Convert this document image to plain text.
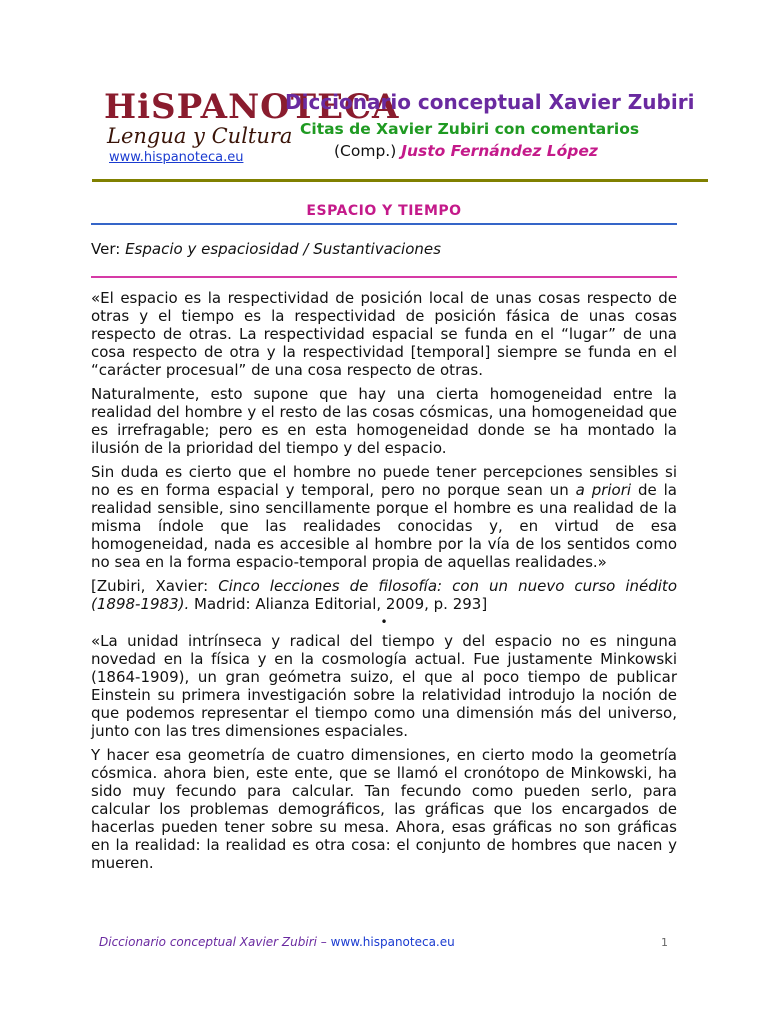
HiSPANOTECA
Lengua y Cultura
www.hispanoteca.eu
Diccionario conceptual Xavier Zubiri
Citas de Xavier Zubiri con comentarios
(Comp.) Justo Fernández López
ESPACIO Y TIEMPO
Ver: Espacio y espaciosidad / Sustantivaciones

«El espacio es la respectividad de posición local de unas cosas respecto de otras y el tiempo es la respectividad de posición fásica de unas cosas respecto de otras. La respectividad espacial se funda en el “lugar” de una cosa respecto de otra y la respectividad [temporal] siempre se funda en el “carácter procesual” de una cosa respecto de otras.

Naturalmente, esto supone que hay una cierta homogeneidad entre la realidad del hombre y el resto de las cosas cósmicas, una homogeneidad que es irrefragable; pero es en esta homogeneidad donde se ha montado la ilusión de la prioridad del tiempo y del espacio.

Sin duda es cierto que el hombre no puede tener percepciones sensibles si no es en forma espacial y temporal, pero no porque sean un a priori de la realidad sensible, sino sencillamente porque el hombre es una realidad de la misma índole que las realidades conocidas y, en virtud de esa homogeneidad, nada es accesible al hombre por la vía de los sentidos como no sea en la forma espacio-temporal propia de aquellas realidades.»

[Zubiri, Xavier: Cinco lecciones de filosofía: con un nuevo curso inédito (1898-1983). Madrid: Alianza Editorial, 2009, p. 293]

•

«La unidad intrínseca y radical del tiempo y del espacio no es ninguna novedad en la física y en la cosmología actual. Fue justamente Minkowski (1864-1909), un gran geómetra suizo, el que al poco tiempo de publicar Einstein su primera investigación sobre la relatividad introdujo la noción de que podemos representar el tiempo como una dimensión más del universo, junto con las tres dimensiones espaciales.

Y hacer esa geometría de cuatro dimensiones, en cierto modo la geometría cósmica. ahora bien, este ente, que se llamó el cronótopo de Minkowski, ha sido muy fecundo para calcular. Tan fecundo como pueden serlo, para calcular los problemas demográficos, las gráficas que los encargados de hacerlas pueden tener sobre su mesa. Ahora, esas gráficas no son gráficas en la realidad: la realidad es otra cosa: el conjunto de hombres que nacen y mueren.

Diccionario conceptual Xavier Zubiri – www.hispanoteca.eu	1
